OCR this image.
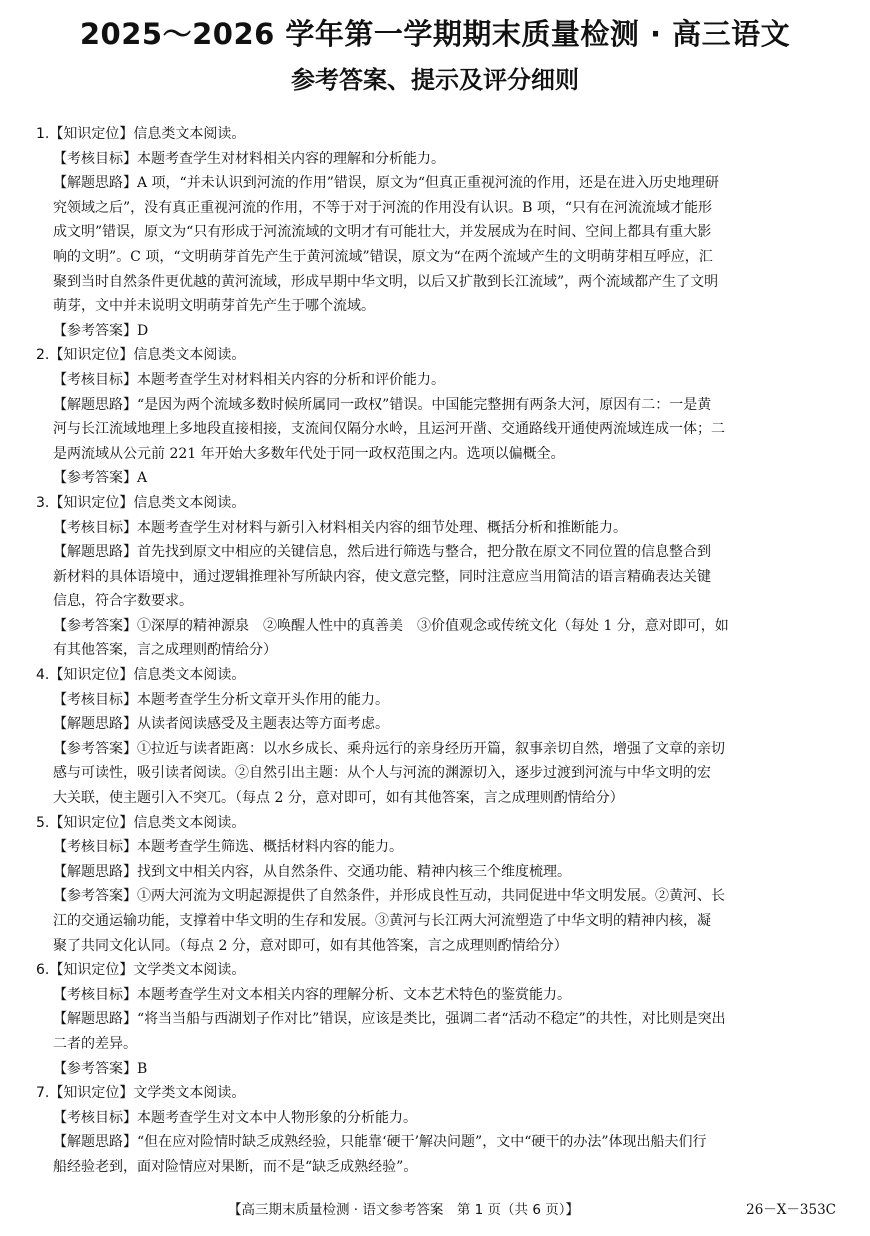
2025～2026 学年第一学期期末质量检测 · 高三语文
参考答案、提示及评分细则
1.【知识定位】信息类文本阅读。
【考核目标】本题考查学生对材料相关内容的理解和分析能力。
【解题思路】A 项，“并未认识到河流的作用”错误，原文为“但真正重视河流的作用，还是在进入历史地理研
究领域之后”，没有真正重视河流的作用，不等于对于河流的作用没有认识。B 项，“只有在河流流域才能形
成文明”错误，原文为“只有形成于河流流域的文明才有可能壮大，并发展成为在时间、空间上都具有重大影
响的文明”。C 项，“文明萌芽首先产生于黄河流域”错误，原文为“在两个流域产生的文明萌芽相互呼应，汇
聚到当时自然条件更优越的黄河流域，形成早期中华文明，以后又扩散到长江流域”，两个流域都产生了文明
萌芽，文中并未说明文明萌芽首先产生于哪个流域。
【参考答案】D
2.【知识定位】信息类文本阅读。
【考核目标】本题考查学生对材料相关内容的分析和评价能力。
【解题思路】“是因为两个流域多数时候所属同一政权”错误。中国能完整拥有两条大河，原因有二：一是黄
河与长江流域地理上多地段直接相接，支流间仅隔分水岭，且运河开凿、交通路线开通使两流域连成一体；二
是两流域从公元前 221 年开始大多数年代处于同一政权范围之内。选项以偏概全。
【参考答案】A
3.【知识定位】信息类文本阅读。
【考核目标】本题考查学生对材料与新引入材料相关内容的细节处理、概括分析和推断能力。
【解题思路】首先找到原文中相应的关键信息，然后进行筛选与整合，把分散在原文不同位置的信息整合到
新材料的具体语境中，通过逻辑推理补写所缺内容，使文意完整，同时注意应当用简洁的语言精确表达关键
信息，符合字数要求。
【参考答案】①深厚的精神源泉　②唤醒人性中的真善美　③价值观念或传统文化（每处 1 分，意对即可，如
有其他答案，言之成理则酌情给分）
4.【知识定位】信息类文本阅读。
【考核目标】本题考查学生分析文章开头作用的能力。
【解题思路】从读者阅读感受及主题表达等方面考虑。
【参考答案】①拉近与读者距离：以水乡成长、乘舟远行的亲身经历开篇，叙事亲切自然，增强了文章的亲切
感与可读性，吸引读者阅读。②自然引出主题：从个人与河流的渊源切入，逐步过渡到河流与中华文明的宏
大关联，使主题引入不突兀。（每点 2 分，意对即可，如有其他答案，言之成理则酌情给分）
5.【知识定位】信息类文本阅读。
【考核目标】本题考查学生筛选、概括材料内容的能力。
【解题思路】找到文中相关内容，从自然条件、交通功能、精神内核三个维度梳理。
【参考答案】①两大河流为文明起源提供了自然条件，并形成良性互动，共同促进中华文明发展。②黄河、长
江的交通运输功能，支撑着中华文明的生存和发展。③黄河与长江两大河流塑造了中华文明的精神内核，凝
聚了共同文化认同。（每点 2 分，意对即可，如有其他答案，言之成理则酌情给分）
6.【知识定位】文学类文本阅读。
【考核目标】本题考查学生对文本相关内容的理解分析、文本艺术特色的鉴赏能力。
【解题思路】“将当当船与西湖划子作对比”错误，应该是类比，强调二者“活动不稳定”的共性，对比则是突出
二者的差异。
【参考答案】B
7.【知识定位】文学类文本阅读。
【考核目标】本题考查学生对文本中人物形象的分析能力。
【解题思路】“但在应对险情时缺乏成熟经验，只能靠‘硬干’解决问题”，文中“硬干的办法”体现出船夫们行
船经验老到，面对险情应对果断，而不是“缺乏成熟经验”。
【高三期末质量检测 · 语文参考答案　第 1 页（共 6 页）】	26－X－353C
